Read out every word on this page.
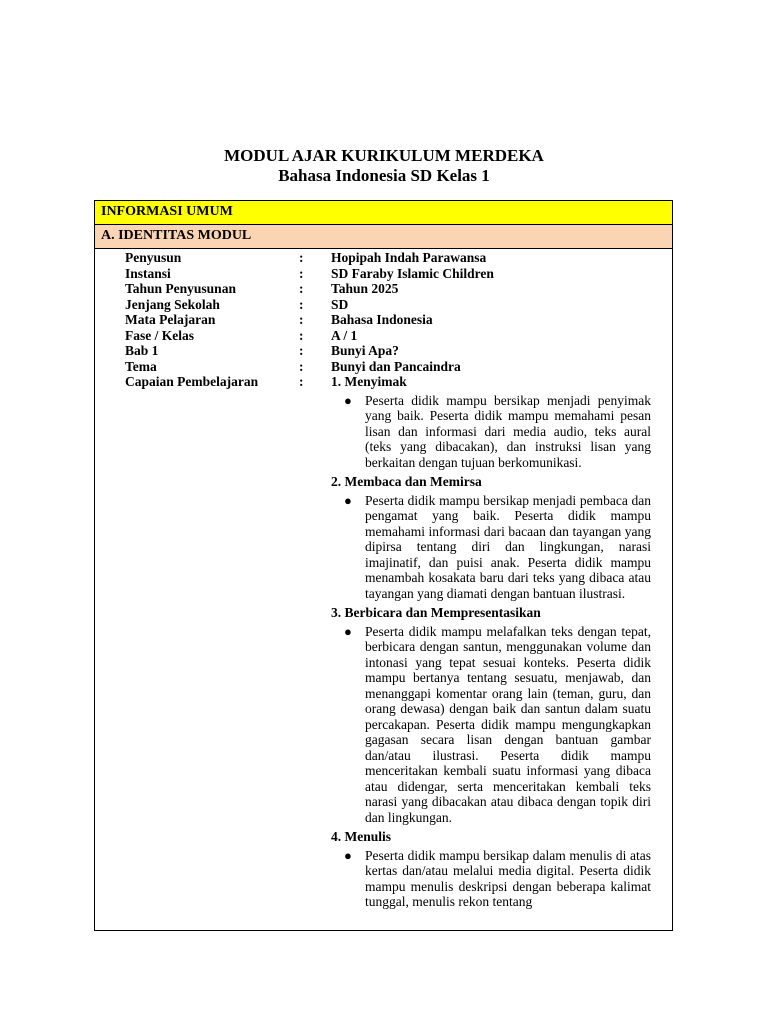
MODUL AJAR KURIKULUM MERDEKA
Bahasa Indonesia SD Kelas 1
INFORMASI UMUM
A. IDENTITAS MODUL
Penyusun	: Hopipah Indah Parawansa
Instansi	: SD Faraby Islamic Children
Tahun Penyusunan	: Tahun 2025
Jenjang Sekolah	: SD
Mata Pelajaran	: Bahasa Indonesia
Fase / Kelas	: A / 1
Bab 1	: Bunyi Apa?
Tema	: Bunyi dan Pancaindra
Capaian Pembelajaran	: 1. Menyimak
● Peserta didik mampu bersikap menjadi penyimak yang baik. Peserta didik mampu memahami pesan lisan dan informasi dari media audio, teks aural (teks yang dibacakan), dan instruksi lisan yang berkaitan dengan tujuan berkomunikasi.
2. Membaca dan Memirsa
● Peserta didik mampu bersikap menjadi pembaca dan pengamat yang baik. Peserta didik mampu memahami informasi dari bacaan dan tayangan yang dipirsa tentang diri dan lingkungan, narasi imajinatif, dan puisi anak. Peserta didik mampu menambah kosakata baru dari teks yang dibaca atau tayangan yang diamati dengan bantuan ilustrasi.
3. Berbicara dan Mempresentasikan
● Peserta didik mampu melafalkan teks dengan tepat, berbicara dengan santun, menggunakan volume dan intonasi yang tepat sesuai konteks. Peserta didik mampu bertanya tentang sesuatu, menjawab, dan menanggapi komentar orang lain (teman, guru, dan orang dewasa) dengan baik dan santun dalam suatu percakapan. Peserta didik mampu mengungkapkan gagasan secara lisan dengan bantuan gambar dan/atau ilustrasi. Peserta didik mampu menceritakan kembali suatu informasi yang dibaca atau didengar, serta menceritakan kembali teks narasi yang dibacakan atau dibaca dengan topik diri dan lingkungan.
4. Menulis
● Peserta didik mampu bersikap dalam menulis di atas kertas dan/atau melalui media digital. Peserta didik mampu menulis deskripsi dengan beberapa kalimat tunggal, menulis rekon tentang
